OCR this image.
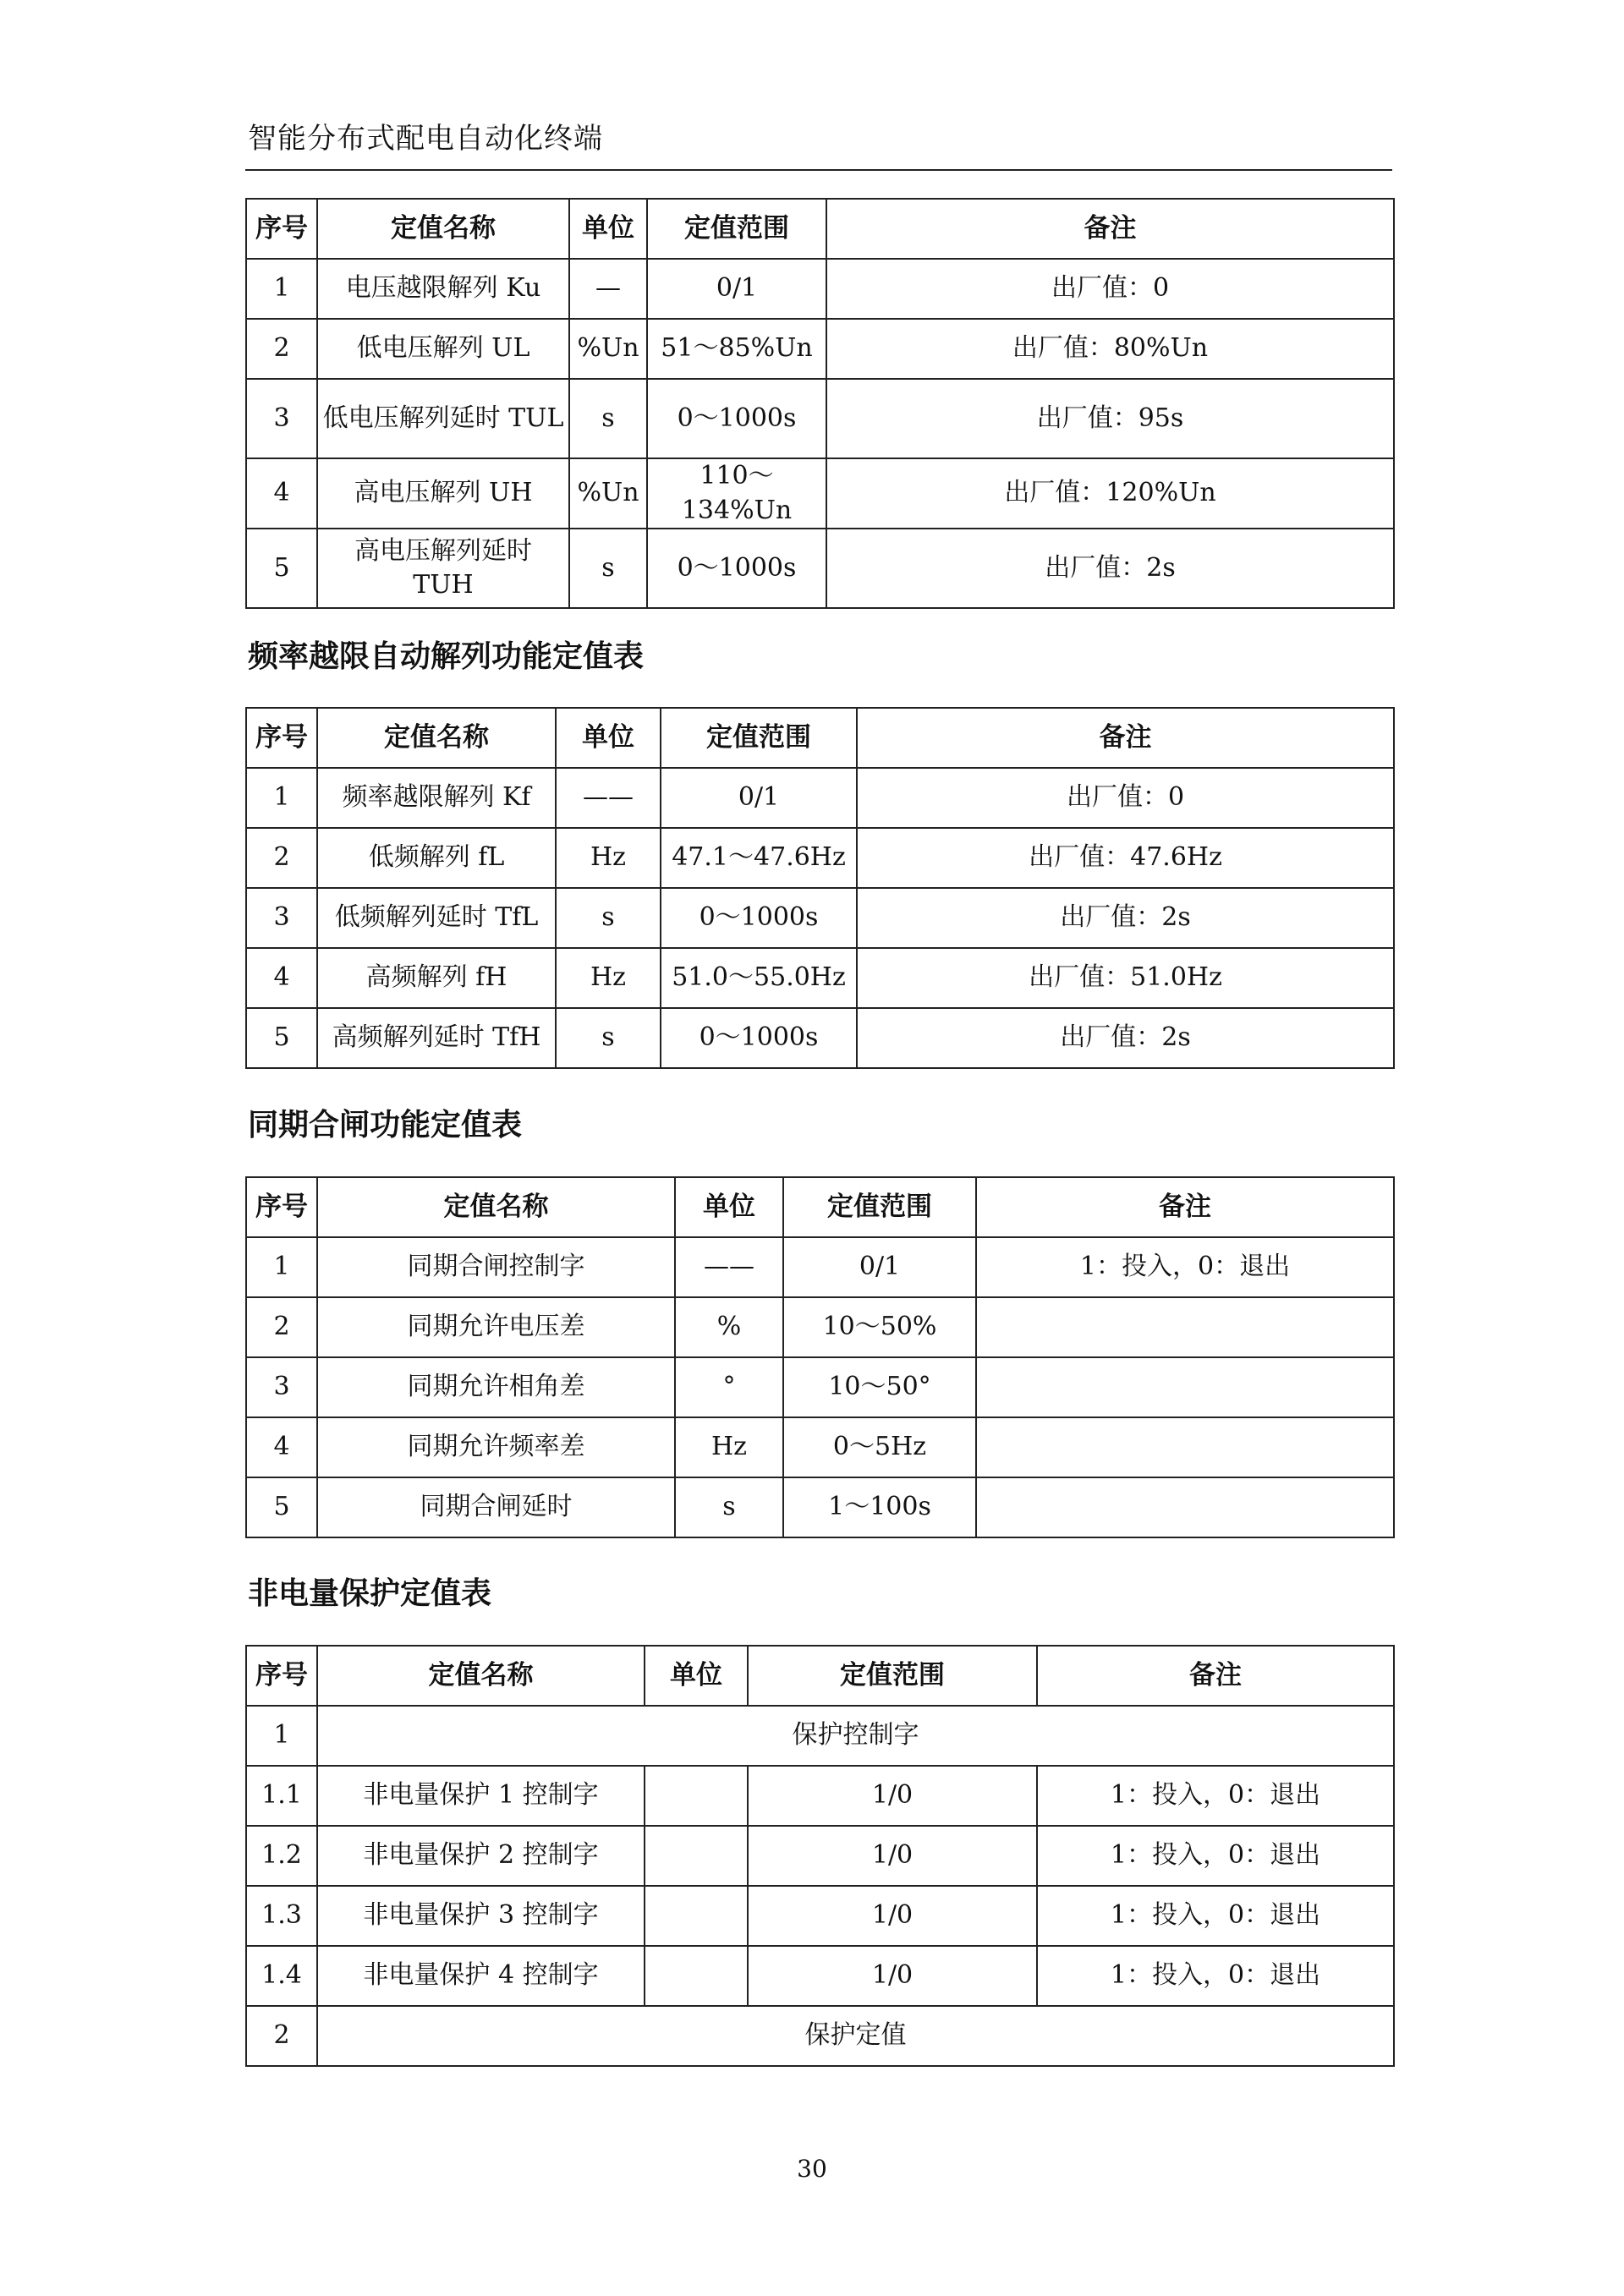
智能分布式配电自动化终端
序号	定值名称	单位	定值范围	备注
1	电压越限解列 Ku	—	0/1	出厂值：0
2	低电压解列 UL	%Un	51～85%Un	出厂值：80%Un
3	低电压解列延时 TUL	s	0～1000s	出厂值：95s
4	高电压解列 UH	%Un	110～134%Un	出厂值：120%Un
5	高电压解列延时 TUH	s	0～1000s	出厂值：2s
频率越限自动解列功能定值表
序号	定值名称	单位	定值范围	备注
1	频率越限解列 Kf	——	0/1	出厂值：0
2	低频解列 fL	Hz	47.1～47.6Hz	出厂值：47.6Hz
3	低频解列延时 TfL	s	0～1000s	出厂值：2s
4	高频解列 fH	Hz	51.0～55.0Hz	出厂值：51.0Hz
5	高频解列延时 TfH	s	0～1000s	出厂值：2s
同期合闸功能定值表
序号	定值名称	单位	定值范围	备注
1	同期合闸控制字	——	0/1	1：投入，0：退出
2	同期允许电压差	%	10～50%	
3	同期允许相角差	°	10～50°	
4	同期允许频率差	Hz	0～5Hz	
5	同期合闸延时	s	1～100s	
非电量保护定值表
序号	定值名称	单位	定值范围	备注
1	保护控制字			
1.1	非电量保护 1 控制字		1/0	1：投入，0：退出
1.2	非电量保护 2 控制字		1/0	1：投入，0：退出
1.3	非电量保护 3 控制字		1/0	1：投入，0：退出
1.4	非电量保护 4 控制字		1/0	1：投入，0：退出
2	保护定值			
30
